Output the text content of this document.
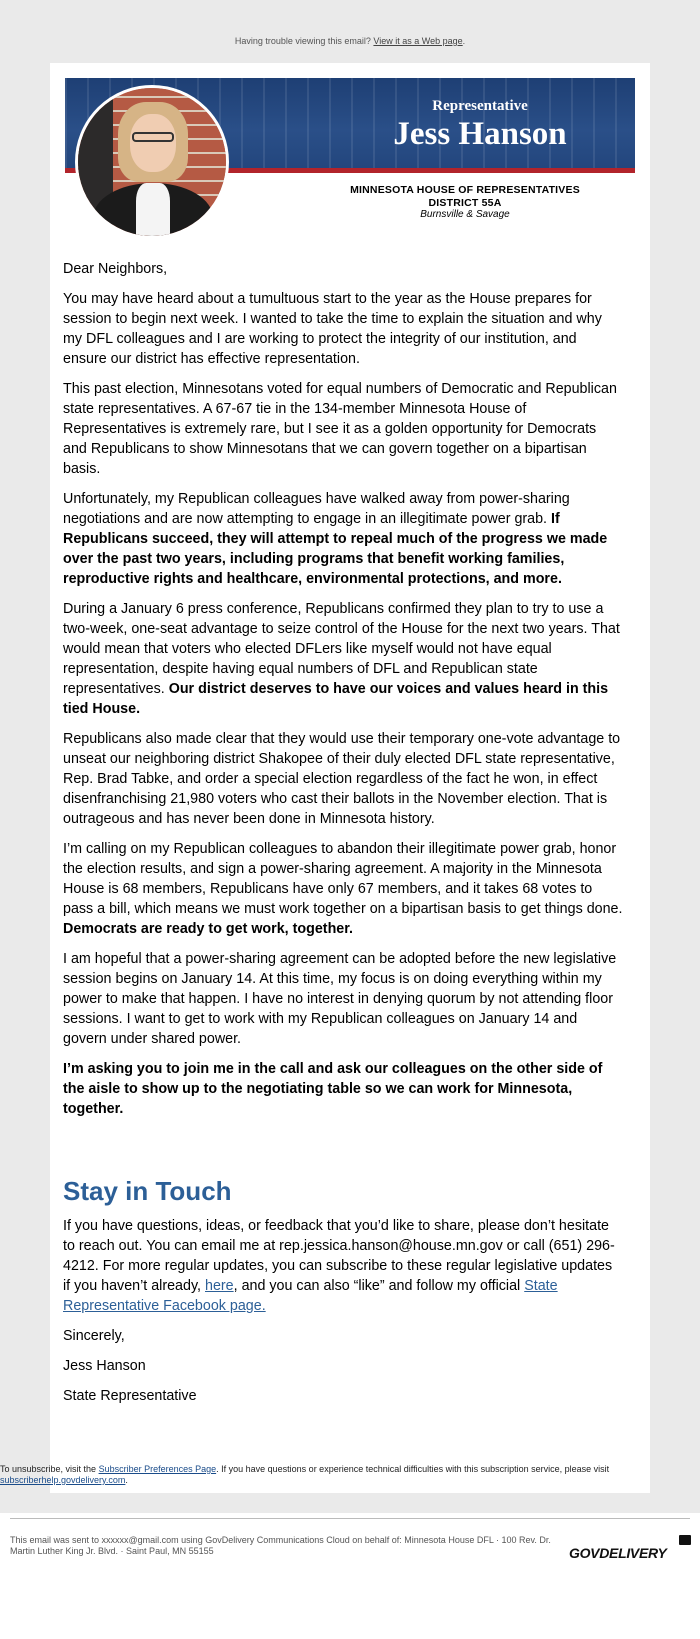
Having trouble viewing this email? View it as a Web page.
Representative
Jess Hanson
MINNESOTA HOUSE OF REPRESENTATIVES
DISTRICT 55A
Burnsville & Savage

Dear Neighbors,

You may have heard about a tumultuous start to the year as the House prepares for session to begin next week. I wanted to take the time to explain the situation and why my DFL colleagues and I are working to protect the integrity of our institution, and ensure our district has effective representation.

This past election, Minnesotans voted for equal numbers of Democratic and Republican state representatives. A 67-67 tie in the 134-member Minnesota House of Representatives is extremely rare, but I see it as a golden opportunity for Democrats and Republicans to show Minnesotans that we can govern together on a bipartisan basis.

Unfortunately, my Republican colleagues have walked away from power-sharing negotiations and are now attempting to engage in an illegitimate power grab. If Republicans succeed, they will attempt to repeal much of the progress we made over the past two years, including programs that benefit working families, reproductive rights and healthcare, environmental protections, and more.

During a January 6 press conference, Republicans confirmed they plan to try to use a two-week, one-seat advantage to seize control of the House for the next two years. That would mean that voters who elected DFLers like myself would not have equal representation, despite having equal numbers of DFL and Republican state representatives. Our district deserves to have our voices and values heard in this tied House.

Republicans also made clear that they would use their temporary one-vote advantage to unseat our neighboring district Shakopee of their duly elected DFL state representative, Rep. Brad Tabke, and order a special election regardless of the fact he won, in effect disenfranchising 21,980 voters who cast their ballots in the November election. That is outrageous and has never been done in Minnesota history.

I’m calling on my Republican colleagues to abandon their illegitimate power grab, honor the election results, and sign a power-sharing agreement. A majority in the Minnesota House is 68 members, Republicans have only 67 members, and it takes 68 votes to pass a bill, which means we must work together on a bipartisan basis to get things done. Democrats are ready to get work, together.

I am hopeful that a power-sharing agreement can be adopted before the new legislative session begins on January 14. At this time, my focus is on doing everything within my power to make that happen. I have no interest in denying quorum by not attending floor sessions. I want to get to work with my Republican colleagues on January 14 and govern under shared power.

I’m asking you to join me in the call and ask our colleagues on the other side of the aisle to show up to the negotiating table so we can work for Minnesota, together.

Stay in Touch

If you have questions, ideas, or feedback that you’d like to share, please don’t hesitate to reach out. You can email me at rep.jessica.hanson@house.mn.gov or call (651) 296-4212. For more regular updates, you can subscribe to these regular legislative updates if you haven’t already, here, and you can also “like” and follow my official State Representative Facebook page.

Sincerely,

Jess Hanson

State Representative

To unsubscribe, visit the Subscriber Preferences Page. If you have questions or experience technical difficulties with this subscription service, please visit subscriberhelp.govdelivery.com.
This email was sent to xxxxxx@gmail.com using GovDelivery Communications Cloud on behalf of: Minnesota House DFL · 100 Rev. Dr. Martin Luther King Jr. Blvd. · Saint Paul, MN 55155	GOVDELIVERY
